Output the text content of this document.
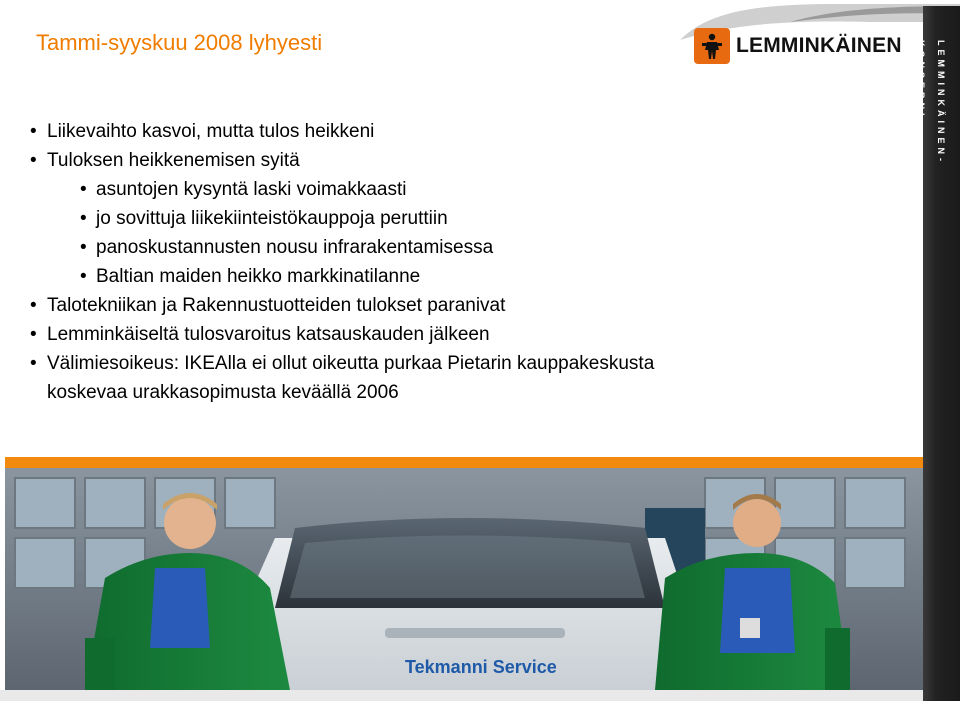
LEMMINKÄINEN-KONSERNI
LEMMINKÄINEN
Tammi-syyskuu 2008 lyhyesti
• Liikevaihto kasvoi, mutta tulos heikkeni
• Tuloksen heikkenemisen syitä
• asuntojen kysyntä laski voimakkaasti
• jo sovittuja liikekiinteistökauppoja peruttiin
• panoskustannusten nousu infrarakentamisessa
• Baltian maiden heikko markkinatilanne
• Talotekniikan ja Rakennustuotteiden tulokset paranivat
• Lemminkäiseltä tulosvaroitus katsauskauden jälkeen
• Välimiesoikeus: IKEAlla ei ollut oikeutta purkaa Pietarin kauppakeskusta
koskevaa urakkasopimusta keväällä 2006
Tekmanni Service
